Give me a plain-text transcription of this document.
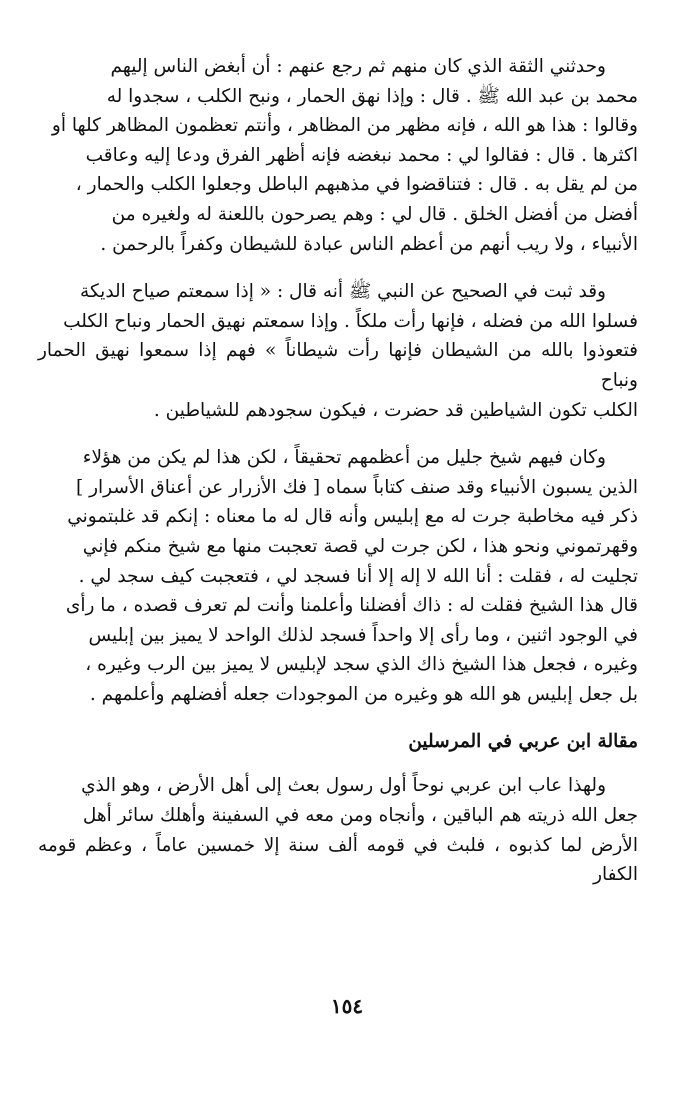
وحدثني الثقة الذي كان منهم ثم رجع عنهم : أن أبغض الناس إليهم
محمد بن عبد الله ﷺ . قال : وإذا نهق الحمار ، ونبح الكلب ، سجدوا له
وقالوا : هذا هو الله ، فإنه مظهر من المظاهر ، وأنتم تعظمون المظاهر كلها أو
اكثرها . قال : فقالوا لي : محمد نبغضه فإنه أظهر الفرق ودعا إليه وعاقب
من لم يقل به . قال : فتناقضوا في مذهبهم الباطل وجعلوا الكلب والحمار ،
أفضل من أفضل الخلق . قال لي : وهم يصرحون باللعنة له ولغيره من
الأنبياء ، ولا ريب أنهم من أعظم الناس عبادة للشيطان وكفراً بالرحمن .

وقد ثبت في الصحيح عن النبي ﷺ أنه قال : « إذا سمعتم صياح الديكة
فسلوا الله من فضله ، فإنها رأت ملكاً . وإذا سمعتم نهيق الحمار ونباح الكلب
فتعوذوا بالله من الشيطان فإنها رأت شيطاناً » فهم إذا سمعوا نهيق الحمار ونباح
الكلب تكون الشياطين قد حضرت ، فيكون سجودهم للشياطين .

وكان فيهم شيخ جليل من أعظمهم تحقيقاً ، لكن هذا لم يكن من هؤلاء
الذين يسبون الأنبياء وقد صنف كتاباً سماه [ فك الأزرار عن أعناق الأسرار ]
ذكر فيه مخاطبة جرت له مع إبليس وأنه قال له ما معناه : إنكم قد غلبتموني
وقهرتموني ونحو هذا ، لكن جرت لي قصة تعجبت منها مع شيخ منكم فإني
تجليت له ، فقلت : أنا الله لا إله إلا أنا فسجد لي ، فتعجبت كيف سجد لي .
قال هذا الشيخ فقلت له : ذاك أفضلنا وأعلمنا وأنت لم تعرف قصده ، ما رأى
في الوجود اثنين ، وما رأى إلا واحداً فسجد لذلك الواحد لا يميز بين إبليس
وغيره ، فجعل هذا الشيخ ذاك الذي سجد لإبليس لا يميز بين الرب وغيره ،
بل جعل إبليس هو الله هو وغيره من الموجودات جعله أفضلهم وأعلمهم .

مقالة ابن عربي في المرسلين

ولهذا عاب ابن عربي نوحاً أول رسول بعث إلى أهل الأرض ، وهو الذي
جعل الله ذريته هم الباقين ، وأنجاه ومن معه في السفينة وأهلك سائر أهل
الأرض لما كذبوه ، فلبث في قومه ألف سنة إلا خمسين عاماً ، وعظم قومه الكفار

١٥٤
